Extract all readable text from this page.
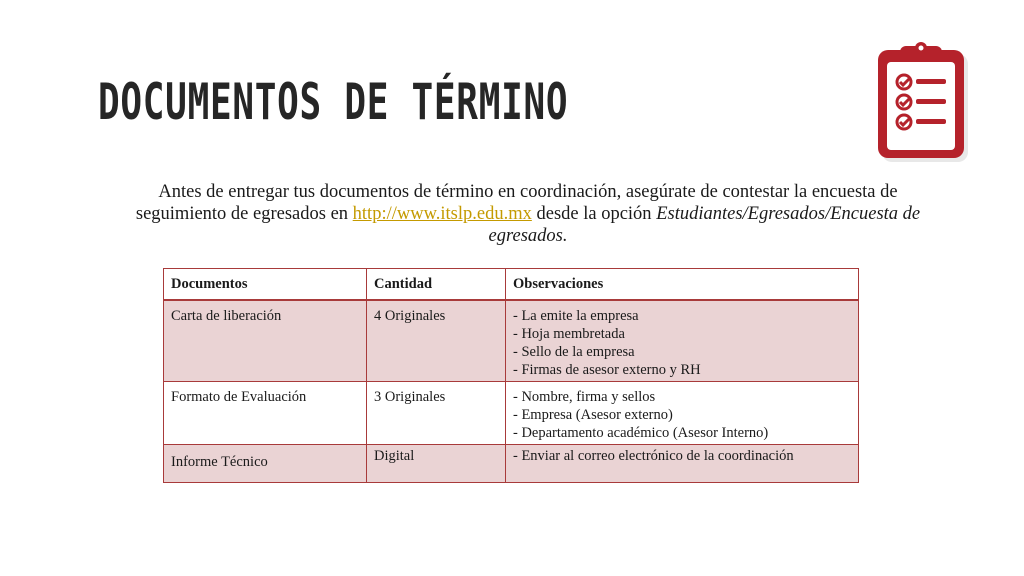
DOCUMENTOS DE TÉRMINO
Antes de entregar tus documentos de término en coordinación, asegúrate de contestar la encuesta de seguimiento de egresados en http://www.itslp.edu.mx desde la opción Estudiantes/Egresados/Encuesta de egresados.
Documentos	Cantidad	Observaciones
Carta de liberación	4 Originales	- La emite la empresa
- Hoja membretada
- Sello de la empresa
- Firmas de asesor externo y RH

Formato de Evaluación	3 Originales	- Nombre, firma y sellos
- Empresa (Asesor externo)
- Departamento académico (Asesor Interno)

Informe Técnico	Digital	- Enviar al correo electrónico de la coordinación
